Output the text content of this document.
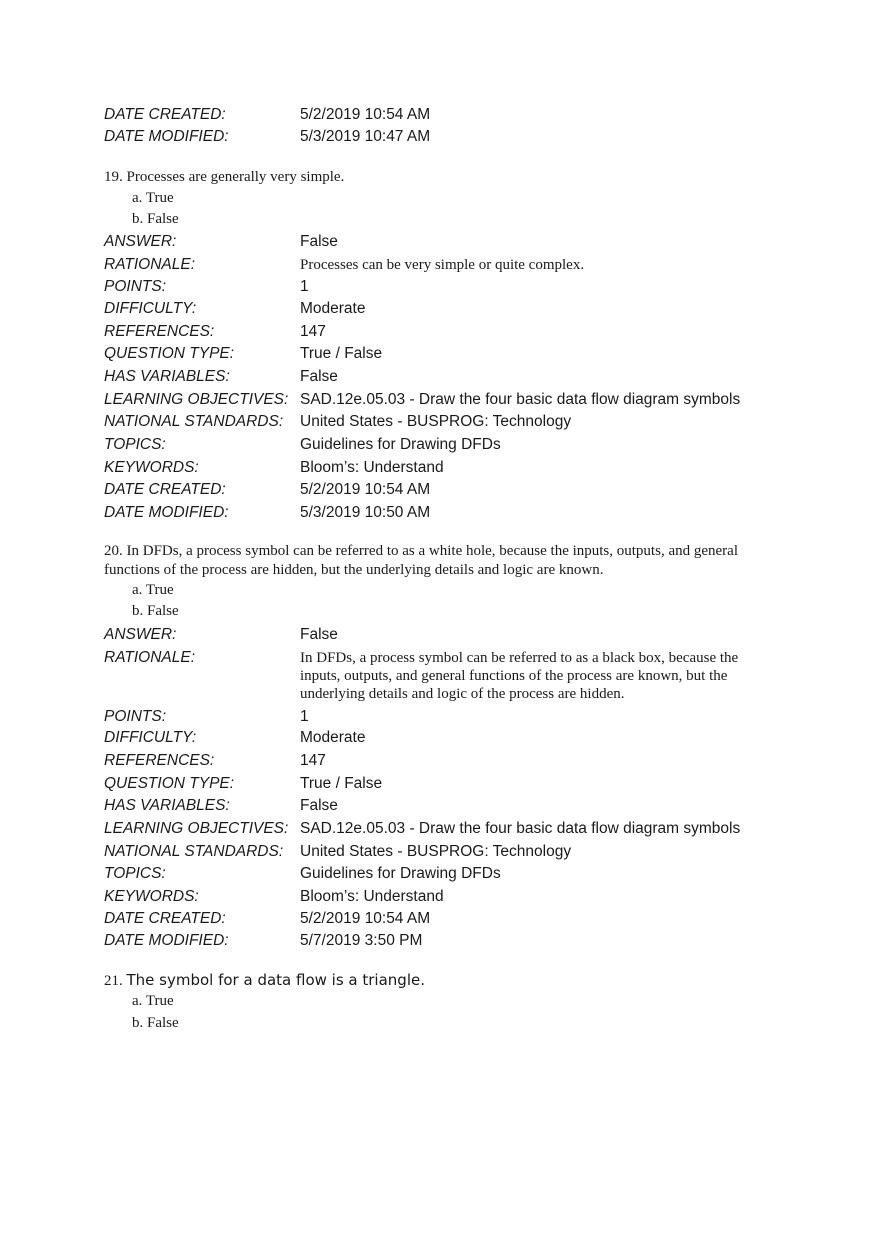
DATE CREATED:	5/2/2019 10:54 AM
DATE MODIFIED:	5/3/2019 10:47 AM
19. Processes are generally very simple.
a. True
b. False
ANSWER:	False
RATIONALE:	Processes can be very simple or quite complex.
POINTS:	1
DIFFICULTY:	Moderate
REFERENCES:	147
QUESTION TYPE:	True / False
HAS VARIABLES:	False
LEARNING OBJECTIVES: SAD.12e.05.03 - Draw the four basic data flow diagram symbols
NATIONAL STANDARDS: United States - BUSPROG: Technology
TOPICS:	Guidelines for Drawing DFDs
KEYWORDS:	Bloom’s: Understand
DATE CREATED:	5/2/2019 10:54 AM
DATE MODIFIED:	5/3/2019 10:50 AM
20. In DFDs, a process symbol can be referred to as a white hole, because the inputs, outputs, and general functions of the process are hidden, but the underlying details and logic are known.
a. True
b. False
ANSWER:	False
RATIONALE:	In DFDs, a process symbol can be referred to as a black box, because the inputs, outputs, and general functions of the process are known, but the underlying details and logic of the process are hidden.
POINTS:	1
DIFFICULTY:	Moderate
REFERENCES:	147
QUESTION TYPE:	True / False
HAS VARIABLES:	False
LEARNING OBJECTIVES: SAD.12e.05.03 - Draw the four basic data flow diagram symbols
NATIONAL STANDARDS: United States - BUSPROG: Technology
TOPICS:	Guidelines for Drawing DFDs
KEYWORDS:	Bloom’s: Understand
DATE CREATED:	5/2/2019 10:54 AM
DATE MODIFIED:	5/7/2019 3:50 PM
21. The symbol for a data flow is a triangle.
a. True
b. False
